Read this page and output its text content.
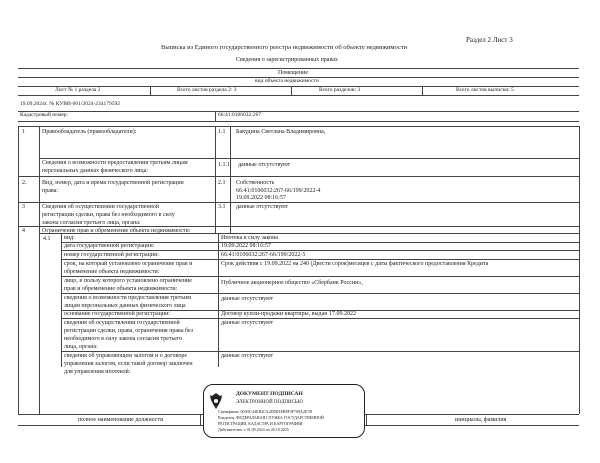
Раздел 2 Лист 3
Выписка из Единого государственного реестра недвижимости об объекте недвижимости
Сведения о зарегистрированных правах
Помещение
вид объекта недвижимости
Лист № 1 раздела 2	Всего листов раздела 2: 3	Всего разделов: 3	Всего листов выписки: 5
19.09.2024г. № КУВИ-001/2024-234179592
Кадастровый номер:	66:41:0106032:267
1	Правообладатель (правообладатели):	1.1 Бакудина Светлана Владимировна,
Сведения о возможности предоставления третьим лицам
персональных данных физического лица:
1.1.1 данные отсутствуют
2.	Вид, номер, дата и время государственной регистрации
права:
2.1 Собственность
66:41:0106032:267-66/199/2022-4
19.09.2022 08:16:57
3	Сведения об осуществлении государственной
регистрации сделки, права без необходимого в силу
закона согласия третьего лица, органа:
3.1 данные отсутствуют
4	Ограничение прав и обременение объекта недвижимости:
4.1 вид:	Ипотека в силу закона
дата государственной регистрации:	19.09.2022 08:16:57
номер государственной регистрации:	66:41:0106032:267-66/199/2022-5
срок, на который установлено ограничение прав и
обременение объекта недвижимости:
Срок действия с 19.09.2022 на 240 (Двести сорок)месяцев с даты фактического предоставления Кредита
лицо, в пользу которого установлено ограничение
прав и обременение объекта недвижимости:
Публичное акционерное общество «Сбербанк России»,
сведения о возможности предоставления третьим
лицам персональных данных физического лица
данные отсутствуют
основание государственной регистрации:	Договор купли-продажи квартиры, выдан 17.09.2022
сведения об осуществлении государственной
регистрации сделки, права, ограничения права без
необходимого в силу закона согласия третьего
лица, органа:
данные отсутствуют
сведения об управляющем залогом и о договоре
управления залогом, если такой договор заключен
для управления ипотекой:
данные отсутствуют
полное наименование должности	инициалы, фамилия
ДОКУМЕНТ ПОДПИСАН
ЭЛЕКТРОННОЙ ПОДПИСЬЮ
Сертификат: 00A9C44EB2CA2D0D1EB8F3F709A2E7B
Владелец: ФЕДЕРАЛЬНАЯ СЛУЖБА ГОСУДАРСТВЕННОЙ
РЕГИСТРАЦИИ, КАДАСТРА И КАРТОГРАФИИ
Действителен: с 01.09.2024 по 26.10.2025
